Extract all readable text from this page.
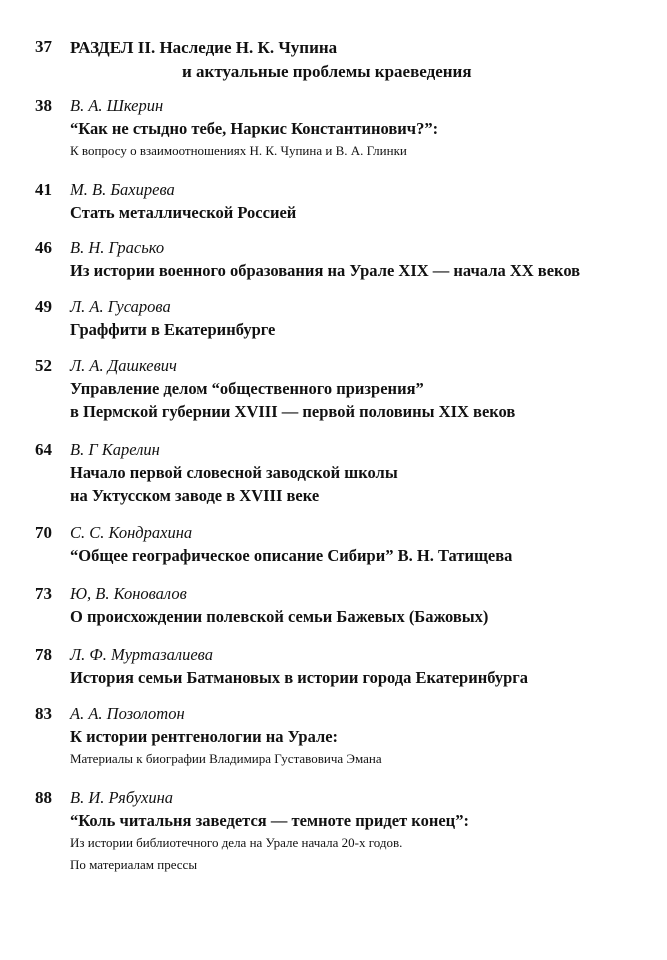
37 РАЗДЕЛ II. Наследие Н. К. Чупина
и актуальные проблемы краеведения
38 В. А. Шкерин
“Как не стыдно тебе, Наркис Константинович?”:
К вопросу о взаимоотношениях Н. К. Чупина и В. А. Глинки
41 М. В. Бахирева
Стать металлической Россией
46 В. Н. Грасько
Из истории военного образования на Урале XIX — начала XX веков
49 Л. А. Гусарова
Граффити в Екатеринбурге
52 Л. А. Дашкевич
Управление делом “общественного призрения”
в Пермской губернии XVIII — первой половины XIX веков
64 В. Г Карелин
Начало первой словесной заводской школы
на Уктусском заводе в XVIII веке
70 С. С. Кондрахина
“Общее географическое описание Сибири” В. Н. Татищева
73 Ю, В. Коновалов
О происхождении полевской семьи Бажевых (Бажовых)
78 Л. Ф. Муртазалиева
История семьи Батмановых в истории города Екатеринбурга
83 А. А. Позолотон
К истории рентгенологии на Урале:
Материалы к биографии Владимира Густавовича Эмана
88 В. И. Рябухина
“Коль читальня заведется — темноте придет конец”:
Из истории библиотечного дела на Урале начала 20-х годов.
По материалам прессы
